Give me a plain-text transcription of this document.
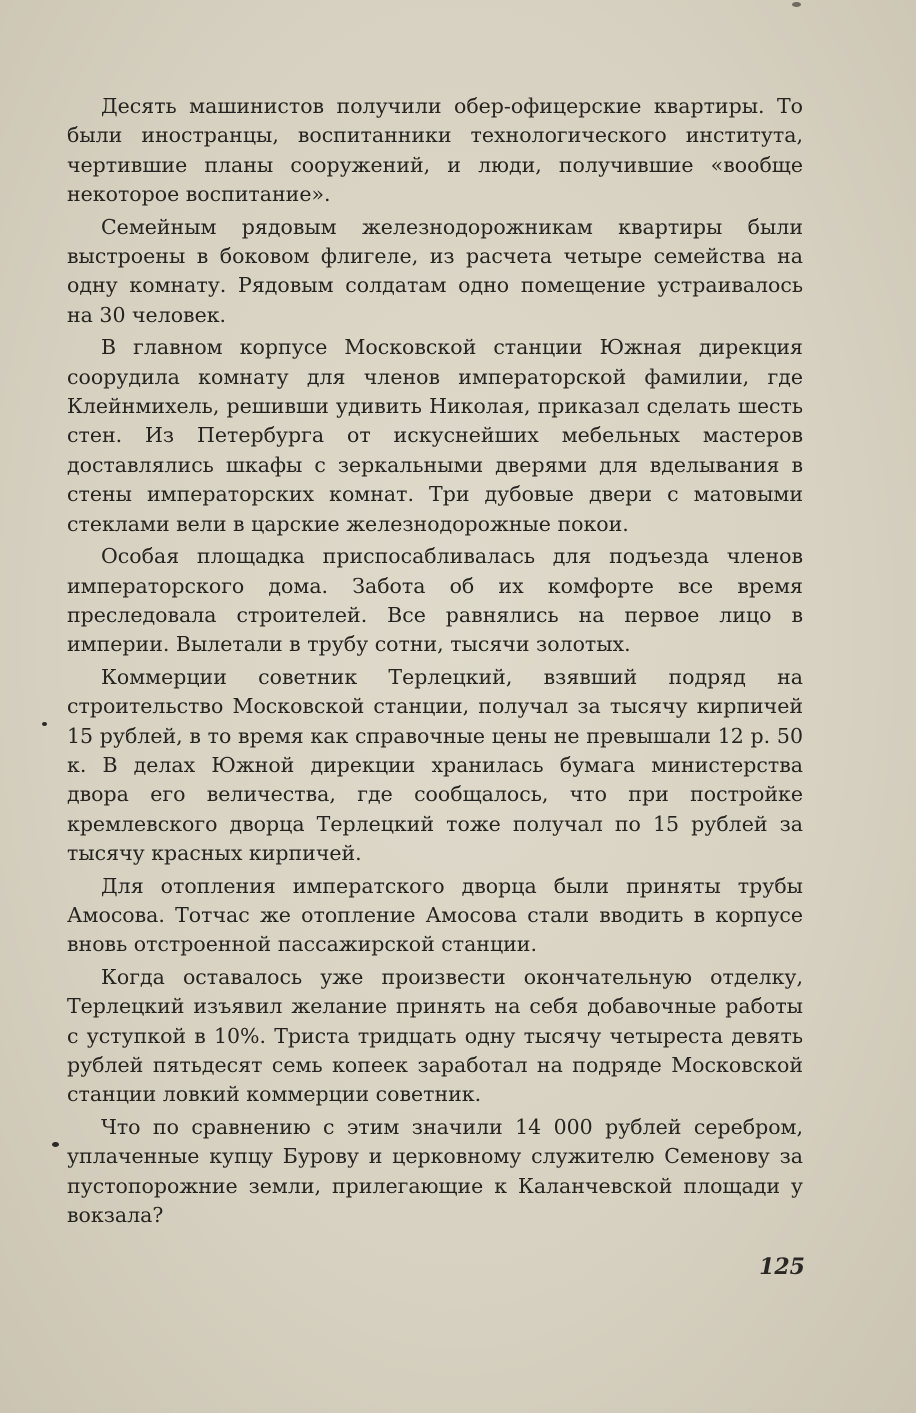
Десять машинистов получили обер-офицерские квартиры. То были иностранцы, воспитанники технологического института, чертившие планы сооружений, и люди, получившие «вообще некоторое воспитание».

Семейным рядовым железнодорожникам квартиры были выстроены в боковом флигеле, из расчета четыре семейства на одну комнату. Рядовым солдатам одно помещение устраивалось на 30 человек.

В главном корпусе Московской станции Южная дирекция соорудила комнату для членов императорской фамилии, где Клейнмихель, решивши удивить Николая, приказал сделать шесть стен. Из Петербурга от искуснейших мебельных мастеров доставлялись шкафы с зеркальными дверями для вделывания в стены императорских комнат. Три дубовые двери с матовыми стеклами вели в царские железнодорожные покои.

Особая площадка приспосабливалась для подъезда членов императорского дома. Забота об их комфорте все время преследовала строителей. Все равнялись на первое лицо в империи. Вылетали в трубу сотни, тысячи золотых.

Коммерции советник Терлецкий, взявший подряд на строительство Московской станции, получал за тысячу кирпичей 15 рублей, в то время как справочные цены не превышали 12 р. 50 к. В делах Южной дирекции хранилась бумага министерства двора его величества, где сообщалось, что при постройке кремлевского дворца Терлецкий тоже получал по 15 рублей за тысячу красных кирпичей.

Для отопления императского дворца были приняты трубы Амосова. Тотчас же отопление Амосова стали вводить в корпусе вновь отстроенной пассажирской станции.

Когда оставалось уже произвести окончательную отделку, Терлецкий изъявил желание принять на себя добавочные работы с уступкой в 10%. Триста тридцать одну тысячу четыреста девять рублей пятьдесят семь копеек заработал на подряде Московской станции ловкий коммерции советник.

Что по сравнению с этим значили 14 000 рублей серебром, уплаченные купцу Бурову и церковному служителю Семенову за пустопорожние земли, прилегающие к Каланчевской площади у вокзала?

125
